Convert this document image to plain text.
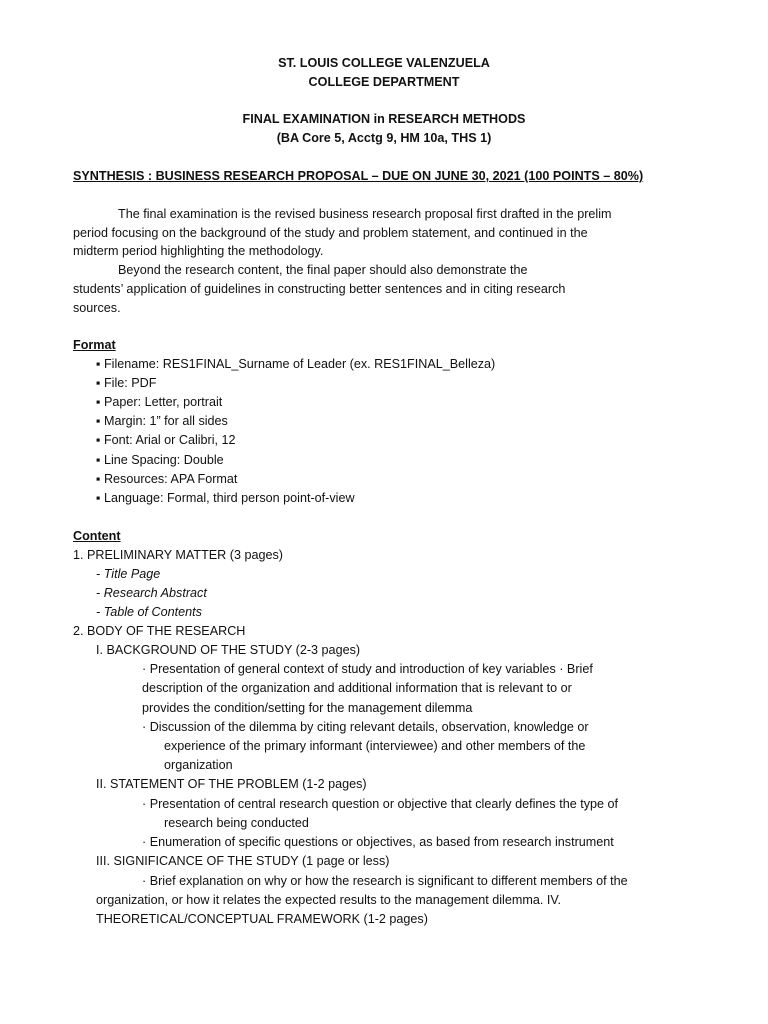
ST. LOUIS COLLEGE VALENZUELA
COLLEGE DEPARTMENT
FINAL EXAMINATION in RESEARCH METHODS
(BA Core 5, Acctg 9, HM 10a, THS 1)
SYNTHESIS : BUSINESS RESEARCH PROPOSAL – DUE ON JUNE 30, 2021 (100 POINTS – 80%)
The final examination is the revised business research proposal first drafted in the prelim
period focusing on the background of the study and problem statement, and continued in the
midterm period highlighting the methodology.
Beyond the research content, the final paper should also demonstrate the
students’ application of guidelines in constructing better sentences and in citing research
sources.
Format
▪ Filename: RES1FINAL_Surname of Leader (ex. RES1FINAL_Belleza)
▪ File: PDF
▪ Paper: Letter, portrait
▪ Margin: 1” for all sides
▪ Font: Arial or Calibri, 12
▪ Line Spacing: Double
▪ Resources: APA Format
▪ Language: Formal, third person point-of-view
Content
1. PRELIMINARY MATTER (3 pages)
- Title Page
- Research Abstract
- Table of Contents
2. BODY OF THE RESEARCH
I. BACKGROUND OF THE STUDY (2-3 pages)
· Presentation of general context of study and introduction of key variables · Brief
description of the organization and additional information that is relevant to or
provides the condition/setting for the management dilemma
· Discussion of the dilemma by citing relevant details, observation, knowledge or
experience of the primary informant (interviewee) and other members of the
organization
II. STATEMENT OF THE PROBLEM (1-2 pages)
· Presentation of central research question or objective that clearly defines the type of
research being conducted
· Enumeration of specific questions or objectives, as based from research instrument
III. SIGNIFICANCE OF THE STUDY (1 page or less)
· Brief explanation on why or how the research is significant to different members of the
organization, or how it relates the expected results to the management dilemma. IV.
THEORETICAL/CONCEPTUAL FRAMEWORK (1-2 pages)
